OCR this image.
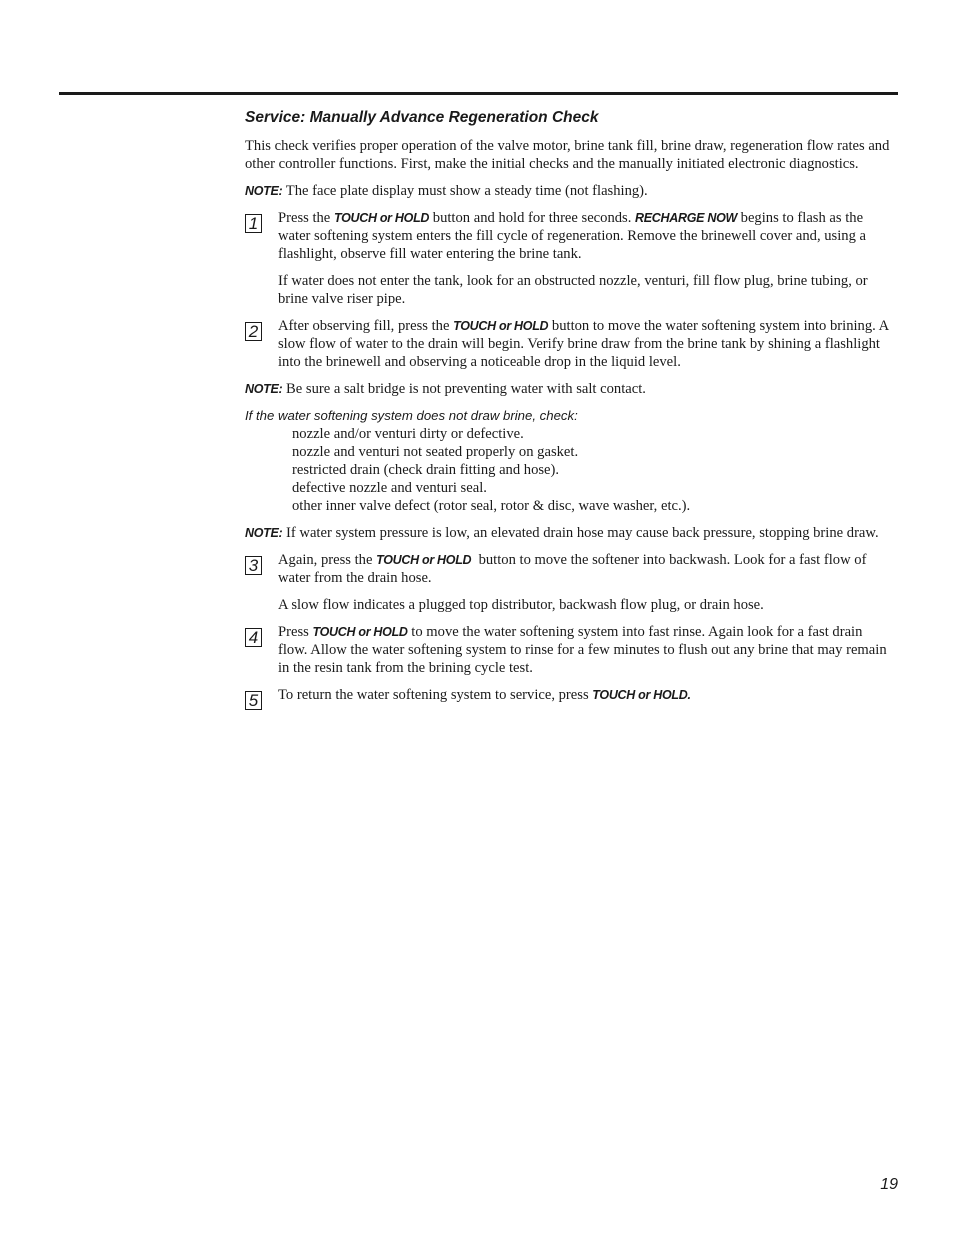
Service: Manually Advance Regeneration Check

This check verifies proper operation of the valve motor, brine tank fill, brine draw, regeneration flow rates and other controller functions. First, make the initial checks and the manually initiated electronic diagnostics.

NOTE: The face plate display must show a steady time (not flashing).

1 Press the TOUCH or HOLD button and hold for three seconds. RECHARGE NOW begins to flash as the water softening system enters the fill cycle of regeneration. Remove the brinewell cover and, using a flashlight, observe fill water entering the brine tank.

If water does not enter the tank, look for an obstructed nozzle, venturi, fill flow plug, brine tubing, or brine valve riser pipe.

2 After observing fill, press the TOUCH or HOLD button to move the water softening system into brining. A slow flow of water to the drain will begin. Verify brine draw from the brine tank by shining a flashlight into the brinewell and observing a noticeable drop in the liquid level.

NOTE: Be sure a salt bridge is not preventing water with salt contact.

If the water softening system does not draw brine, check:

nozzle and/or venturi dirty or defective.
nozzle and venturi not seated properly on gasket.
restricted drain (check drain fitting and hose).
defective nozzle and venturi seal.
other inner valve defect (rotor seal, rotor & disc, wave washer, etc.).

NOTE: If water system pressure is low, an elevated drain hose may cause back pressure, stopping brine draw.

3 Again, press the TOUCH or HOLD  button to move the softener into backwash. Look for a fast flow of water from the drain hose.

A slow flow indicates a plugged top distributor, backwash flow plug, or drain hose.

4 Press TOUCH or HOLD to move the water softening system into fast rinse. Again look for a fast drain flow. Allow the water softening system to rinse for a few minutes to flush out any brine that may remain in the resin tank from the brining cycle test.

5 To return the water softening system to service, press TOUCH or HOLD.

19
